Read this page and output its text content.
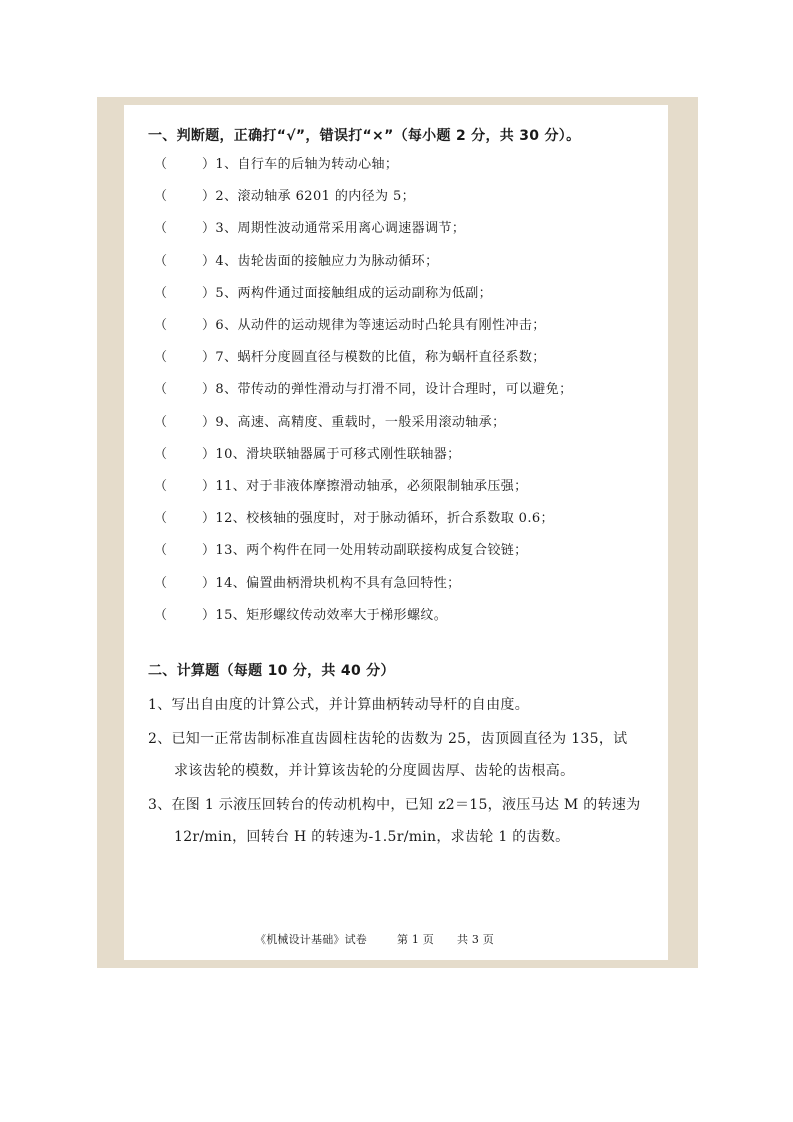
一、判断题，正确打“√”，错误打“×”（每小题 2 分，共 30 分）。
（	）1、自行车的后轴为转动心轴；
（	）2、滚动轴承 6201 的内径为 5；
（	）3、周期性波动通常采用离心调速器调节；
（	）4、齿轮齿面的接触应力为脉动循环；
（	）5、两构件通过面接触组成的运动副称为低副；
（	）6、从动件的运动规律为等速运动时凸轮具有刚性冲击；
（	）7、蜗杆分度圆直径与模数的比值，称为蜗杆直径系数；
（	）8、带传动的弹性滑动与打滑不同，设计合理时，可以避免；
（	）9、高速、高精度、重载时，一般采用滚动轴承；
（	）10、滑块联轴器属于可移式刚性联轴器；
（	）11、对于非液体摩擦滑动轴承，必须限制轴承压强；
（	）12、校核轴的强度时，对于脉动循环，折合系数取 0.6；
（	）13、两个构件在同一处用转动副联接构成复合铰链；
（	）14、偏置曲柄滑块机构不具有急回特性；
（	）15、矩形螺纹传动效率大于梯形螺纹。
二、计算题（每题 10 分，共 40 分）
1、写出自由度的计算公式，并计算曲柄转动导杆的自由度。
2、已知一正常齿制标准直齿圆柱齿轮的齿数为 25，齿顶圆直径为 135，试
求该齿轮的模数，并计算该齿轮的分度圆齿厚、齿轮的齿根高。
3、在图 1 示液压回转台的传动机构中，已知 z2＝15，液压马达 M 的转速为
12r/min，回转台 H 的转速为-1.5r/min，求齿轮 1 的齿数。
《机械设计基础》试卷	第 1 页 共 3 页
